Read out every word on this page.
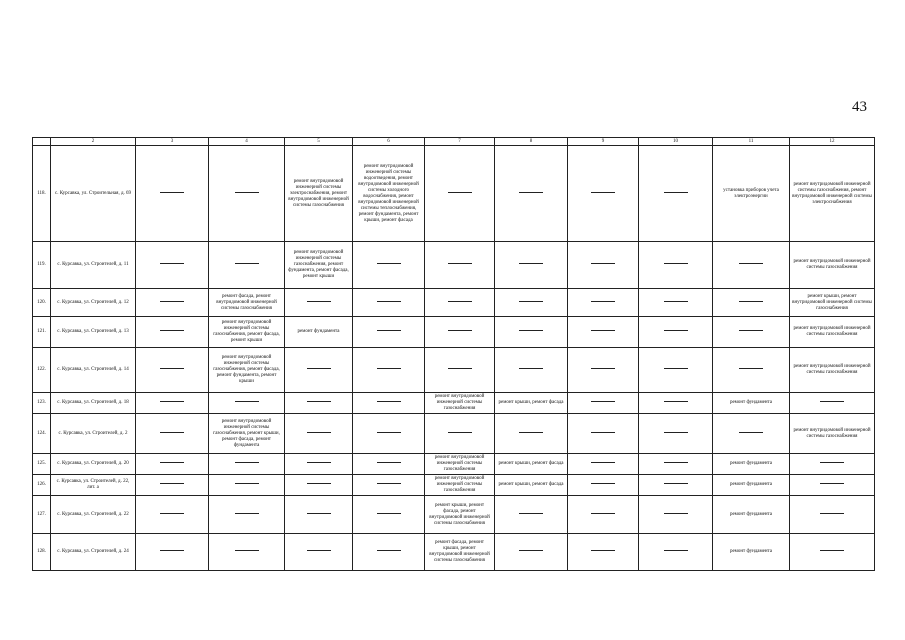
43
	2	3	4	5	6	7	8	9	10	11	12
118.	с. Курсавка, ул. Строительная, д. 69			ремонт внутридомовой инженерной системы электроснабжения, ремонт внутридомовой инженерной системы газоснабжения	ремонт внутридомовой инженерной системы водоотведения, ремонт внутридомовой инженерной системы холодного водоснабжения, ремонт внутридомовой инженерной системы теплоснабжения, ремонт фундамента, ремонт крыши, ремонт фасада					установка приборов учета электроэнергии	ремонт внутридомовой инженерной системы газоснабжения, ремонт внутридомовой инженерной системы электроснабжения
119.	с. Курсавка, ул. Строителей, д. 11			ремонт внутридомовой инженерной системы газоснабжения, ремонт фундамента, ремонт фасада, ремонт крыши							ремонт внутридомовой инженерной системы газоснабжения
120.	с. Курсавка, ул. Строителей, д. 12		ремонт фасада, ремонт внутридомовой инженерной системы газоснабжения								ремонт крыши, ремонт внутридомовой инженерной системы газоснабжения
121.	с. Курсавка, ул. Строителей, д. 13		ремонт внутридомовой инженерной системы газоснабжения, ремонт фасада, ремонт крыши	ремонт фундамента							ремонт внутридомовой инженерной системы газоснабжения
122.	с. Курсавка, ул. Строителей, д. 14		ремонт внутридомовой инженерной системы газоснабжения, ремонт фасада, ремонт фундамента, ремонт крыши								ремонт внутридомовой инженерной системы газоснабжения
123.	с. Курсавка, ул. Строителей, д. 18					ремонт внутридомовой инженерной системы газоснабжения	ремонт крыши, ремонт фасада			ремонт фундамента	
124.	с. Курсавка, ул. Строителей, д. 2		ремонт внутридомовой инженерной системы газоснабжения, ремонт крыши, ремонт фасада, ремонт фундамента								ремонт внутридомовой инженерной системы газоснабжения
125.	с. Курсавка, ул. Строителей, д. 20					ремонт внутридомовой инженерной системы газоснабжения	ремонт крыши, ремонт фасада			ремонт фундамента	
126.	с. Курсавка, ул. Строителей, д. 22, лит. а					ремонт внутридомовой инженерной системы газоснабжения	ремонт крыши, ремонт фасада			ремонт фундамента	
127.	с. Курсавка, ул. Строителей, д. 22					ремонт крыши, ремонт фасада, ремонт внутридомовой инженерной системы газоснабжения				ремонт фундамента	
128.	с. Курсавка, ул. Строителей, д. 24					ремонт фасада, ремонт крыши, ремонт внутридомовой инженерной системы газоснабжения				ремонт фундамента	
